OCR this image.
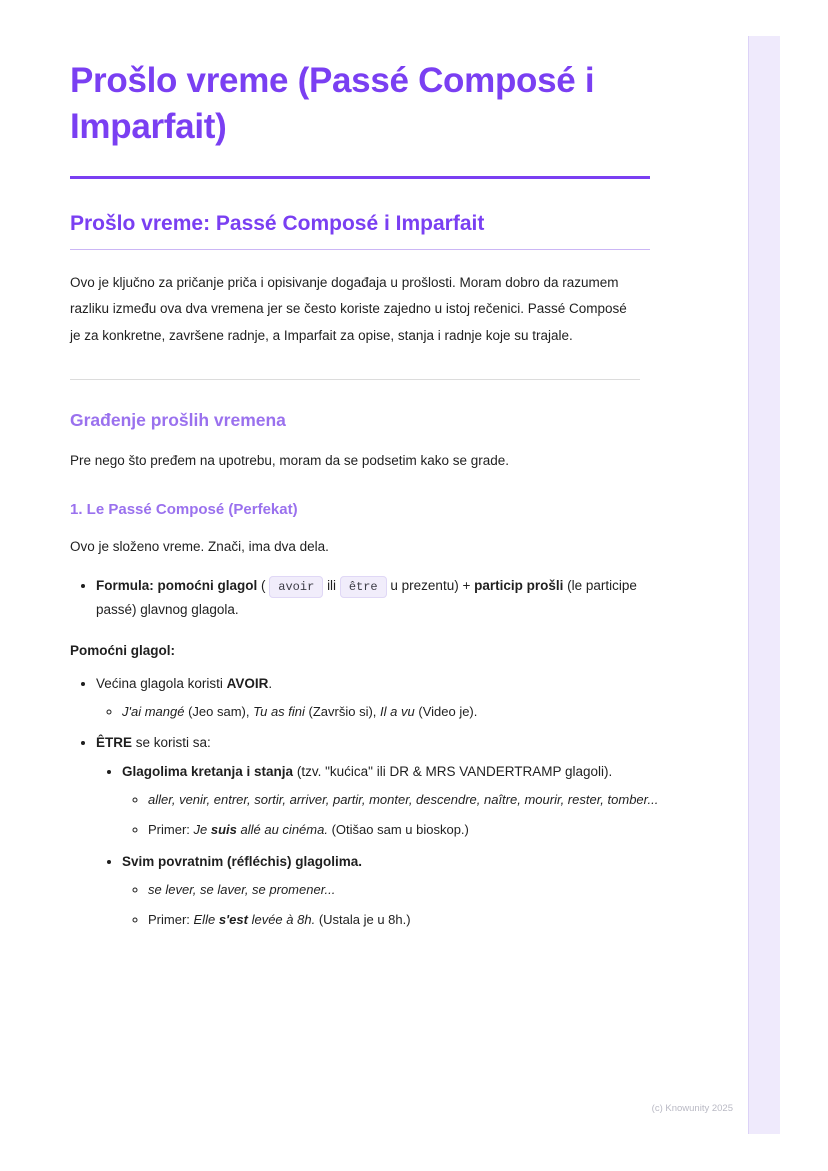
Prošlo vreme (Passé Composé i Imparfait)
Prošlo vreme: Passé Composé i Imparfait

Ovo je ključno za pričanje priča i opisivanje događaja u prošlosti. Moram dobro da razumem razliku između ova dva vremena jer se često koriste zajedno u istoj rečenici. Passé Composé je za konkretne, završene radnje, a Imparfait za opise, stanja i radnje koje su trajale.

Građenje prošlih vremena

Pre nego što pređem na upotrebu, moram da se podsetim kako se grade.

1. Le Passé Composé (Perfekat)

Ovo je složeno vreme. Znači, ima dva dela.

• Formula: pomoćni glagol ( avoir ili être u prezentu) + particip prošli (le participe passé) glavnog glagola.

Pomoćni glagol:

• Većina glagola koristi AVOIR.
◦ J'ai mangé (Jeo sam), Tu as fini (Završio si), Il a vu (Video je).
• ÊTRE se koristi sa:
• Glagolima kretanja i stanja (tzv. "kućica" ili DR & MRS VANDERTRAMP glagoli).
◦ aller, venir, entrer, sortir, arriver, partir, monter, descendre, naître, mourir, rester, tomber...
◦ Primer: Je suis allé au cinéma. (Otišao sam u bioskop.)
• Svim povratnim (réfléchis) glagolima.
◦ se lever, se laver, se promener...
◦ Primer: Elle s'est levée à 8h. (Ustala je u 8h.)
(c) Knowunity 2025
